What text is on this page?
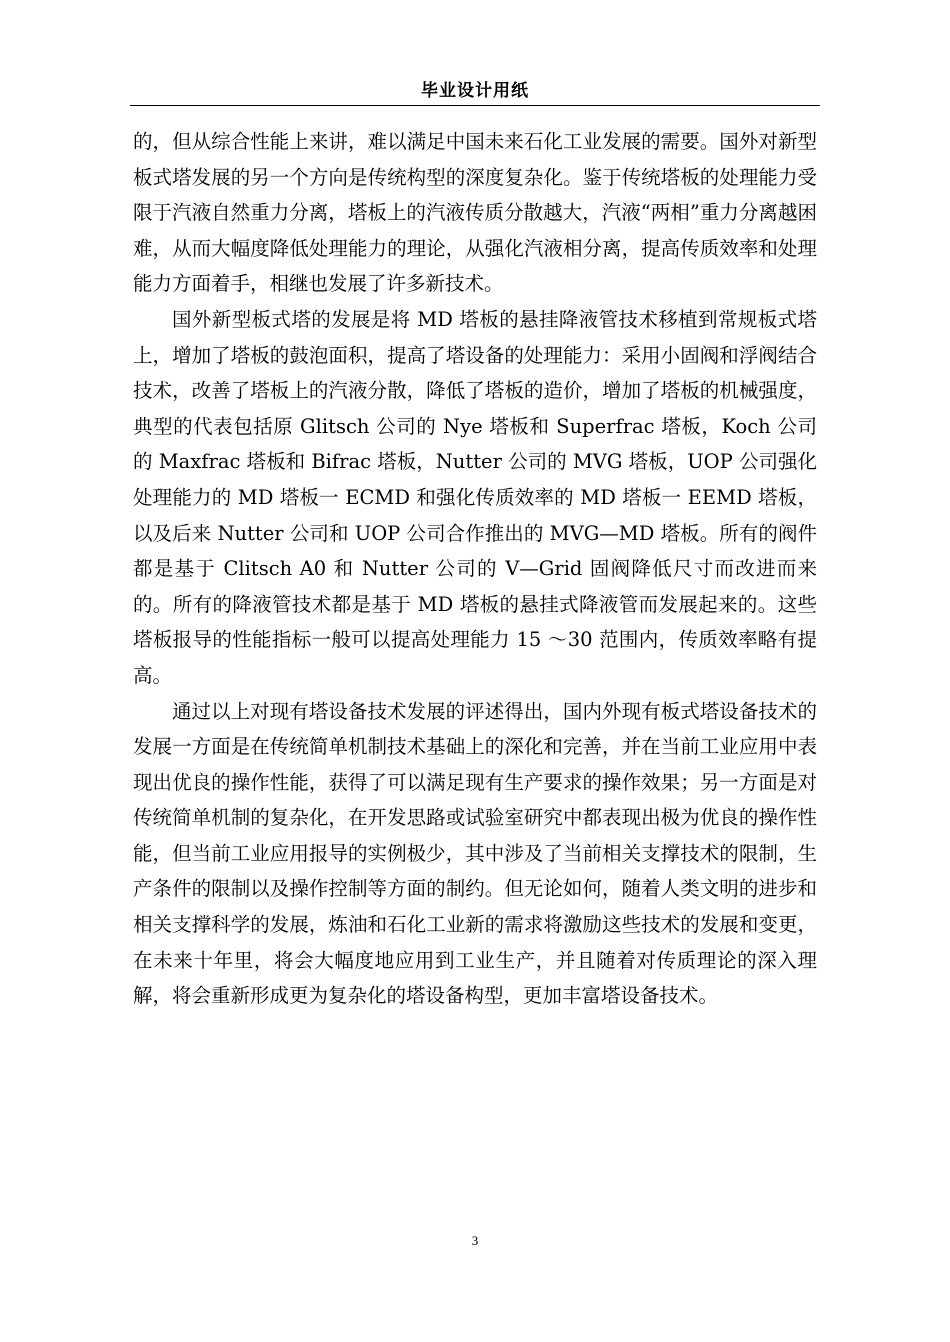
毕业设计用纸

的，但从综合性能上来讲，难以满足中国未来石化工业发展的需要。国外对新型板式塔发展的另一个方向是传统构型的深度复杂化。鉴于传统塔板的处理能力受限于汽液自然重力分离，塔板上的汽液传质分散越大，汽液“两相”重力分离越困难，从而大幅度降低处理能力的理论，从强化汽液相分离，提高传质效率和处理能力方面着手，相继也发展了许多新技术。

国外新型板式塔的发展是将 MD 塔板的悬挂降液管技术移植到常规板式塔上，增加了塔板的鼓泡面积，提高了塔设备的处理能力：采用小固阀和浮阀结合技术，改善了塔板上的汽液分散，降低了塔板的造价，增加了塔板的机械强度，典型的代表包括原 Glitsch 公司的 Nye 塔板和 Superfrac 塔板，Koch 公司的 Maxfrac 塔板和 Bifrac 塔板，Nutter 公司的 MVG 塔板，UOP 公司强化处理能力的 MD 塔板一 ECMD 和强化传质效率的 MD 塔板一 EEMD 塔板，以及后来 Nutter 公司和 UOP 公司合作推出的 MVG—MD 塔板。所有的阀件都是基于 Clitsch A0 和 Nutter 公司的 V—Grid 固阀降低尺寸而改进而来的。所有的降液管技术都是基于 MD 塔板的悬挂式降液管而发展起来的。这些塔板报导的性能指标一般可以提高处理能力 15 ～30 范围内，传质效率略有提高。

通过以上对现有塔设备技术发展的评述得出，国内外现有板式塔设备技术的发展一方面是在传统简单机制技术基础上的深化和完善，并在当前工业应用中表现出优良的操作性能，获得了可以满足现有生产要求的操作效果；另一方面是对传统简单机制的复杂化，在开发思路或试验室研究中都表现出极为优良的操作性能，但当前工业应用报导的实例极少，其中涉及了当前相关支撑技术的限制，生产条件的限制以及操作控制等方面的制约。但无论如何，随着人类文明的进步和相关支撑科学的发展，炼油和石化工业新的需求将激励这些技术的发展和变更，在未来十年里，将会大幅度地应用到工业生产，并且随着对传质理论的深入理解，将会重新形成更为复杂化的塔设备构型，更加丰富塔设备技术。

3
